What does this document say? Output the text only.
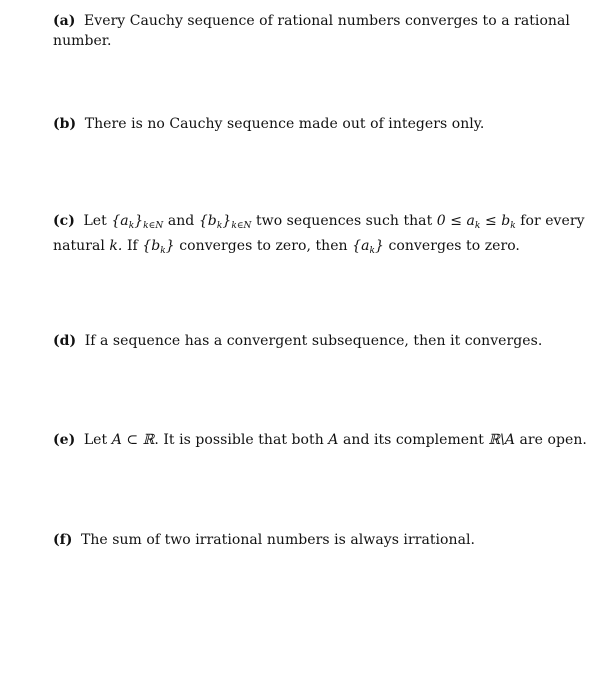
(a) Every Cauchy sequence of rational numbers converges to a rational number.
(b) There is no Cauchy sequence made out of integers only.
(c) Let $\{a_k\}_{k\in N}$ and $\{b_k\}_{k\in N}$ two sequences such that $0 \le a_k \le b_k$ for every natural k. If $\{b_k\}$ converges to zero, then $\{a_k\}$ converges to zero.
(d) If a sequence has a convergent subsequence, then it converges.
(e) Let A ⊂ ℝ. It is possible that both A and its complement ℝ\A are open.
(f) The sum of two irrational numbers is always irrational.
